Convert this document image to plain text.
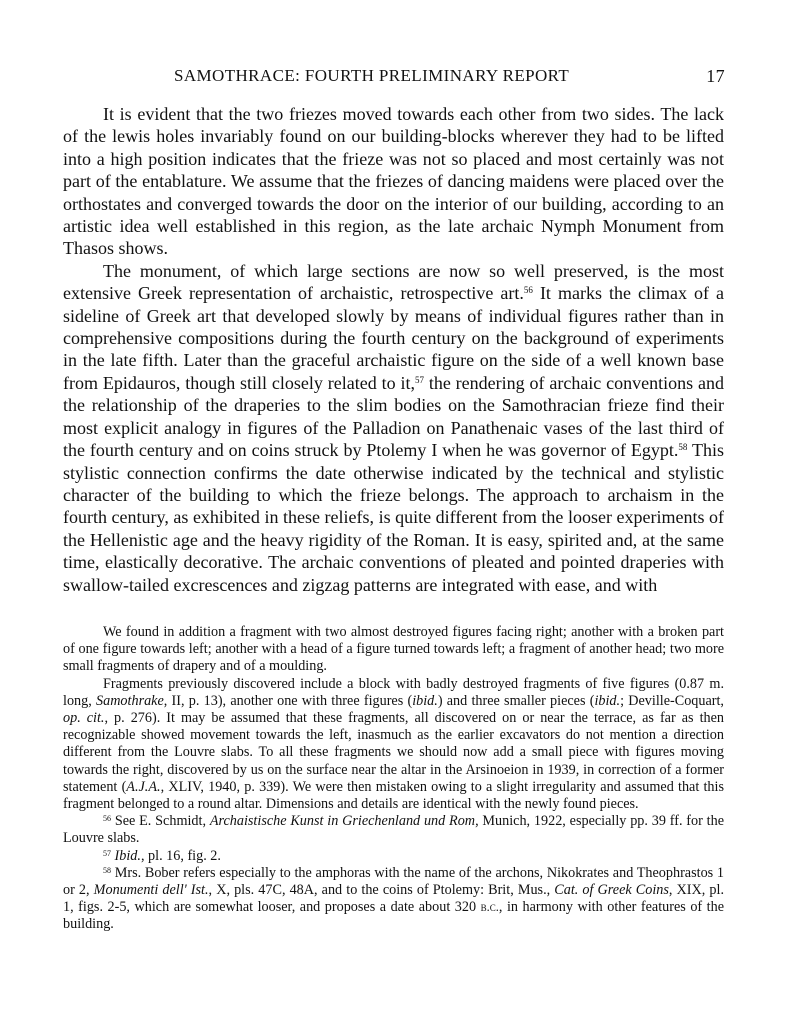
SAMOTHRACE: FOURTH PRELIMINARY REPORT	17

It is evident that the two friezes moved towards each other from two sides. The lack of the lewis holes invariably found on our building-blocks wherever they had to be lifted into a high position indicates that the frieze was not so placed and most certainly was not part of the entablature. We assume that the friezes of dancing maidens were placed over the orthostates and converged towards the door on the interior of our building, according to an artistic idea well established in this region, as the late archaic Nymph Monument from Thasos shows.

The monument, of which large sections are now so well preserved, is the most extensive Greek representation of archaistic, retrospective art.$^{56}$ It marks the climax of a sideline of Greek art that developed slowly by means of individual figures rather than in comprehensive compositions during the fourth century on the background of experiments in the late fifth. Later than the graceful archaistic figure on the side of a well known base from Epidauros, though still closely related to it,$^{57}$ the rendering of archaic conventions and the relationship of the draperies to the slim bodies on the Samothracian frieze find their most explicit analogy in figures of the Palladion on Panathenaic vases of the last third of the fourth century and on coins struck by Ptolemy I when he was governor of Egypt.$^{58}$ This stylistic connection confirms the date otherwise indicated by the technical and stylistic character of the building to which the frieze belongs. The approach to archaism in the fourth century, as exhibited in these reliefs, is quite different from the looser experiments of the Hellenistic age and the heavy rigidity of the Roman. It is easy, spirited and, at the same time, elastically decorative. The archaic conventions of pleated and pointed draperies with swallow-tailed excrescences and zigzag patterns are integrated with ease, and with

We found in addition a fragment with two almost destroyed figures facing right; another with a broken part of one figure towards left; another with a head of a figure turned towards left; a fragment of another head; two more small fragments of drapery and of a moulding.

Fragments previously discovered include a block with badly destroyed fragments of five figures (0.87 m. long, Samothrake, II, p. 13), another one with three figures (ibid.) and three smaller pieces (ibid.; Deville-Coquart, op. cit., p. 276). It may be assumed that these fragments, all discovered on or near the terrace, as far as then recognizable showed movement towards the left, inasmuch as the earlier excavators do not mention a direction different from the Louvre slabs. To all these fragments we should now add a small piece with figures moving towards the right, discovered by us on the surface near the altar in the Arsinoeion in 1939, in correction of a former statement (A.J.A., XLIV, 1940, p. 339). We were then mistaken owing to a slight irregularity and assumed that this fragment belonged to a round altar. Dimensions and details are identical with the newly found pieces.

$^{56}$ See E. Schmidt, Archaistische Kunst in Griechenland und Rom, Munich, 1922, especially pp. 39 ff. for the Louvre slabs.

$^{57}$ Ibid., pl. 16, fig. 2.

$^{58}$ Mrs. Bober refers especially to the amphoras with the name of the archons, Nikokrates and Theophrastos 1 or 2, Monumenti dell' Ist., X, pls. 47C, 48A, and to the coins of Ptolemy: Brit, Mus., Cat. of Greek Coins, XIX, pl. 1, figs. 2-5, which are somewhat looser, and proposes a date about 320 b.c., in harmony with other features of the building.
